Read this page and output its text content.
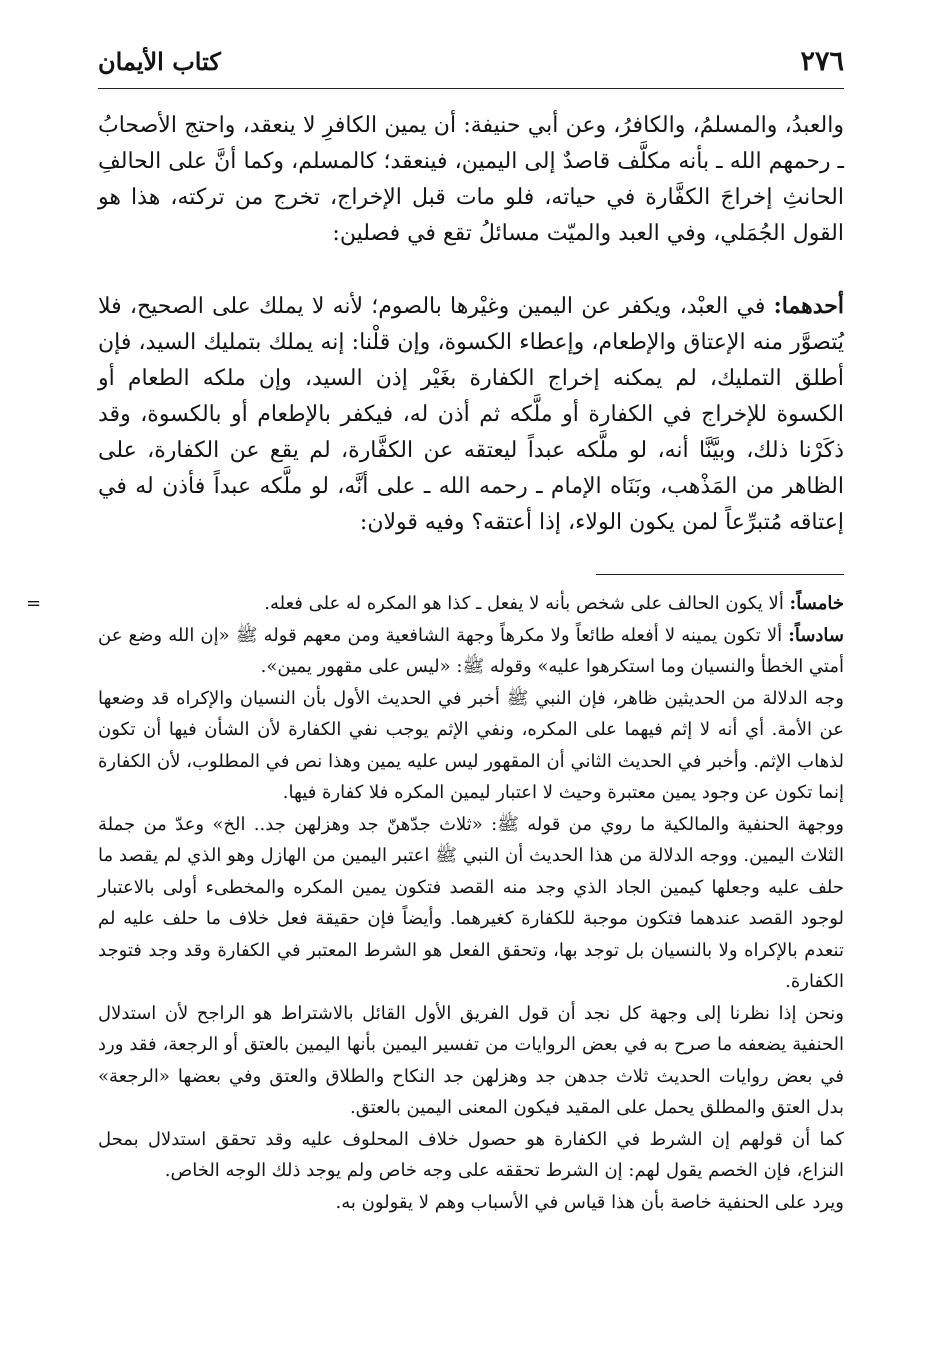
٢٧٦
كتاب الأيمان

والعبدُ، والمسلمُ، والكافرُ، وعن أبي حنيفة: أن يمين الكافرِ لا ينعقد، واحتج الأصحابُ ـ رحمهم الله ـ بأنه مكلَّف قاصدٌ إلى اليمين، فينعقد؛ كالمسلم، وكما أنَّ على الحالفِ الحانثِ إخراجَ الكفَّارة في حياته، فلو مات قبل الإخراج، تخرج من تركته، هذا هو القول الجُمَلي، وفي العبد والميّت مسائلُ تقع في فصلين:

أحدهما: في العبْد، ويكفر عن اليمين وغيْرها بالصوم؛ لأنه لا يملك على الصحيح، فلا يُتصوَّر منه الإعتاق والإطعام، وإعطاء الكسوة، وإن قلْنا: إنه يملك بتمليك السيد، فإن أطلق التمليك، لم يمكنه إخراج الكفارة بغَيْر إذن السيد، وإن ملكه الطعام أو الكسوة للإخراج في الكفارة أو ملَّكه ثم أذن له، فيكفر بالإطعام أو بالكسوة، وقد ذكَرْنا ذلك، وبيَّنَّا أنه، لو ملَّكه عبداً ليعتقه عن الكفَّارة، لم يقع عن الكفارة، على الظاهر من المَذْهب، وبَنَاه الإمام ـ رحمه الله ـ على أنَّه، لو ملَّكه عبداً فأذن له في إعتاقه مُتبرِّعاً لمن يكون الولاء، إذا أعتقه؟ وفيه قولان:

=	خامساً: ألا يكون الحالف على شخص بأنه لا يفعل ـ كذا هو المكره له على فعله.

سادساً: ألا تكون يمينه لا أفعله طائعاً ولا مكرهاً وجهة الشافعية ومن معهم قوله ﷺ «إن الله وضع عن أمتي الخطأ والنسيان وما استكرهوا عليه» وقوله ﷺ: «ليس على مقهور يمين».

وجه الدلالة من الحديثين ظاهر، فإن النبي ﷺ أخبر في الحديث الأول بأن النسيان والإكراه قد وضعها عن الأمة. أي أنه لا إثم فيهما على المكره، ونفي الإثم يوجب نفي الكفارة لأن الشأن فيها أن تكون لذهاب الإثم. وأخبر في الحديث الثاني أن المقهور ليس عليه يمين وهذا نص في المطلوب، لأن الكفارة إنما تكون عن وجود يمين معتبرة وحيث لا اعتبار ليمين المكره فلا كفارة فيها.

ووجهة الحنفية والمالكية ما روي من قوله ﷺ: «ثلاث جدّهنّ جد وهزلهن جد.. الخ» وعدّ من جملة الثلاث اليمين. ووجه الدلالة من هذا الحديث أن النبي ﷺ اعتبر اليمين من الهازل وهو الذي لم يقصد ما حلف عليه وجعلها كيمين الجاد الذي وجد منه القصد فتكون يمين المكره والمخطىء أولى بالاعتبار لوجود القصد عندهما فتكون موجبة للكفارة كغيرهما. وأيضاً فإن حقيقة فعل خلاف ما حلف عليه لم تنعدم بالإكراه ولا بالنسيان بل توجد بها، وتحقق الفعل هو الشرط المعتبر في الكفارة وقد وجد فتوجد الكفارة.

ونحن إذا نظرنا إلى وجهة كل نجد أن قول الفريق الأول القائل بالاشتراط هو الراجح لأن استدلال الحنفية يضعفه ما صرح به في بعض الروايات من تفسير اليمين بأنها اليمين بالعتق أو الرجعة، فقد ورد في بعض روايات الحديث ثلاث جدهن جد وهزلهن جد النكاح والطلاق والعتق وفي بعضها «الرجعة» بدل العتق والمطلق يحمل على المقيد فيكون المعنى اليمين بالعتق.

كما أن قولهم إن الشرط في الكفارة هو حصول خلاف المحلوف عليه وقد تحقق استدلال بمحل النزاع، فإن الخصم يقول لهم: إن الشرط تحققه على وجه خاص ولم يوجد ذلك الوجه الخاص.

ويرد على الحنفية خاصة بأن هذا قياس في الأسباب وهم لا يقولون به.
